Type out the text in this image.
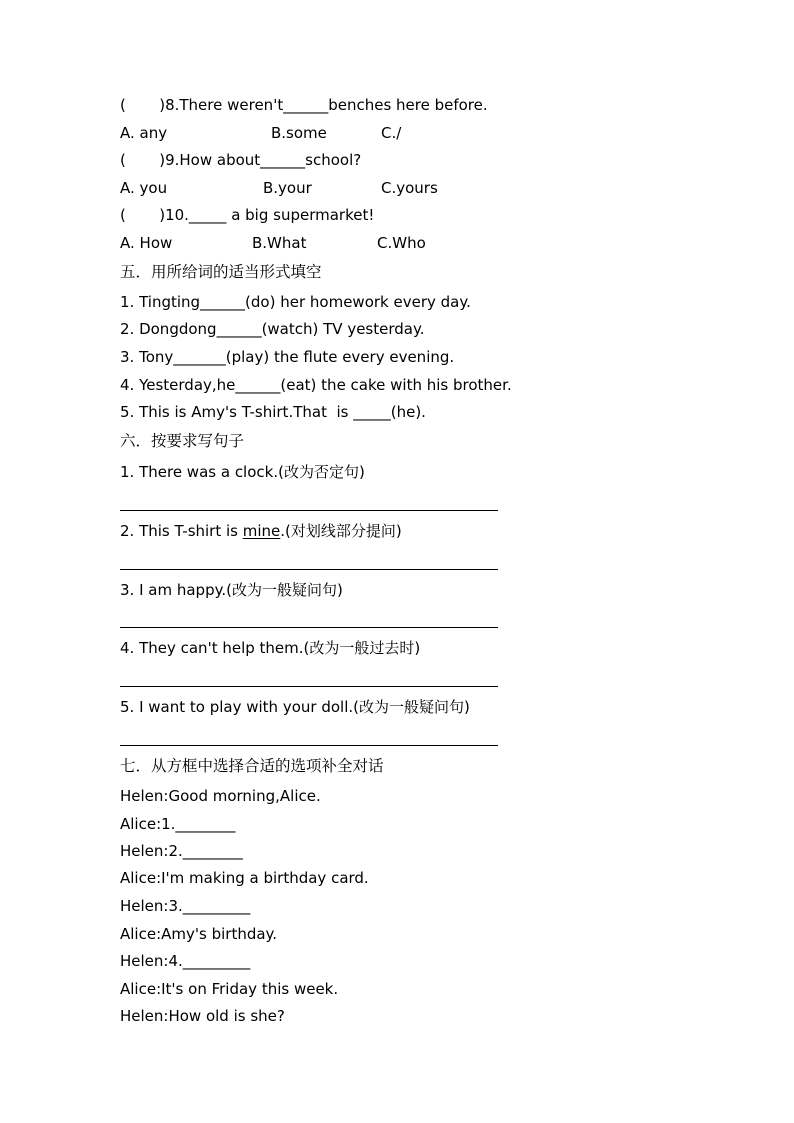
(       )8.There weren't______benches here before.
A. any	B.some	C./
(       )9.How about______school?
A. you	B.your	C.yours
(       )10._____ a big supermarket!
A. How	B.What	C.Who
五．用所给词的适当形式填空
1. Tingting______(do) her homework every day.
2. Dongdong______(watch) TV yesterday.
3. Tony_______(play) the flute every evening.
4. Yesterday,he______(eat) the cake with his brother.
5. This is Amy's T-shirt.That  is _____(he).
六．按要求写句子
1. There was a clock.(改为否定句)
2. This T-shirt is mine.(对划线部分提问)
3. I am happy.(改为一般疑问句)
4. They can't help them.(改为一般过去时)
5. I want to play with your doll.(改为一般疑问句)
七．从方框中选择合适的选项补全对话
Helen:Good morning,Alice.
Alice:1.________
Helen:2.________
Alice:I'm making a birthday card.
Helen:3._________
Alice:Amy's birthday.
Helen:4._________
Alice:It's on Friday this week.
Helen:How old is she?
